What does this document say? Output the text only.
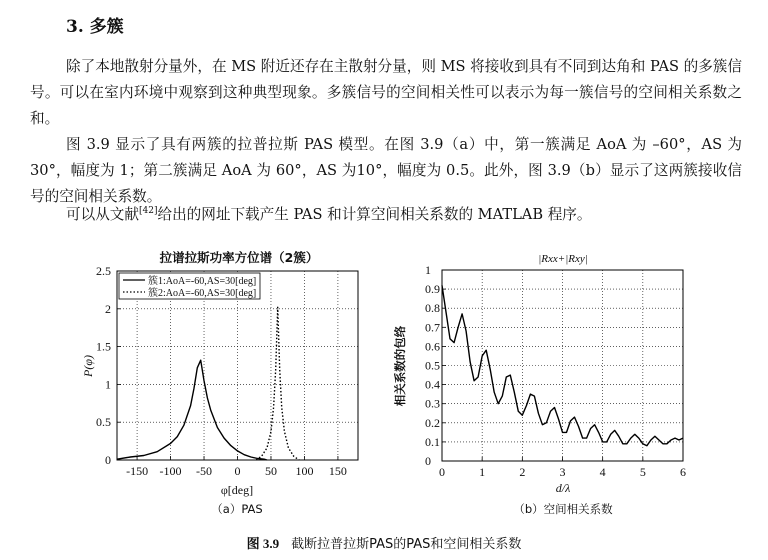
3. 多簇

除了本地散射分量外，在 MS 附近还存在主散射分量，则 MS 将接收到具有不同到达角和 PAS 的多簇信号。可以在室内环境中观察到这种典型现象。多簇信号的空间相关性可以表示为每一簇信号的空间相关系数之和。

图 3.9 显示了具有两簇的拉普拉斯 PAS 模型。在图 3.9（a）中，第一簇满足 AoA 为 –60°，AS 为 30°，幅度为 1；第二簇满足 AoA 为 60°，AS 为10°，幅度为 0.5。此外，图 3.9（b）显示了这两簇接收信号的空间相关系数。

可以从文献[42]给出的网址下载产生 PAS 和计算空间相关系数的 MATLAB 程序。

拉谱拉斯功率方位谱（2簇）
-150 -100 -50 0 50 100 150
0
0.5
1
1.5
2
2.5
簇1:AoA=-60,AS=30[deg]
簇2:AoA=-60,AS=30[deg]
φ[deg]
P(φ)
（a）PAS
|Rxx+|Rxy|
0	1	2	3	4	5	6
0
0.1
0.2
0.3
0.4
0.5
0.6
0.7
0.8
0.9
1
d/λ
相关系数的包络
（b）空间相关系数
图 3.9 截断拉普拉斯PAS的PAS和空间相关系数
